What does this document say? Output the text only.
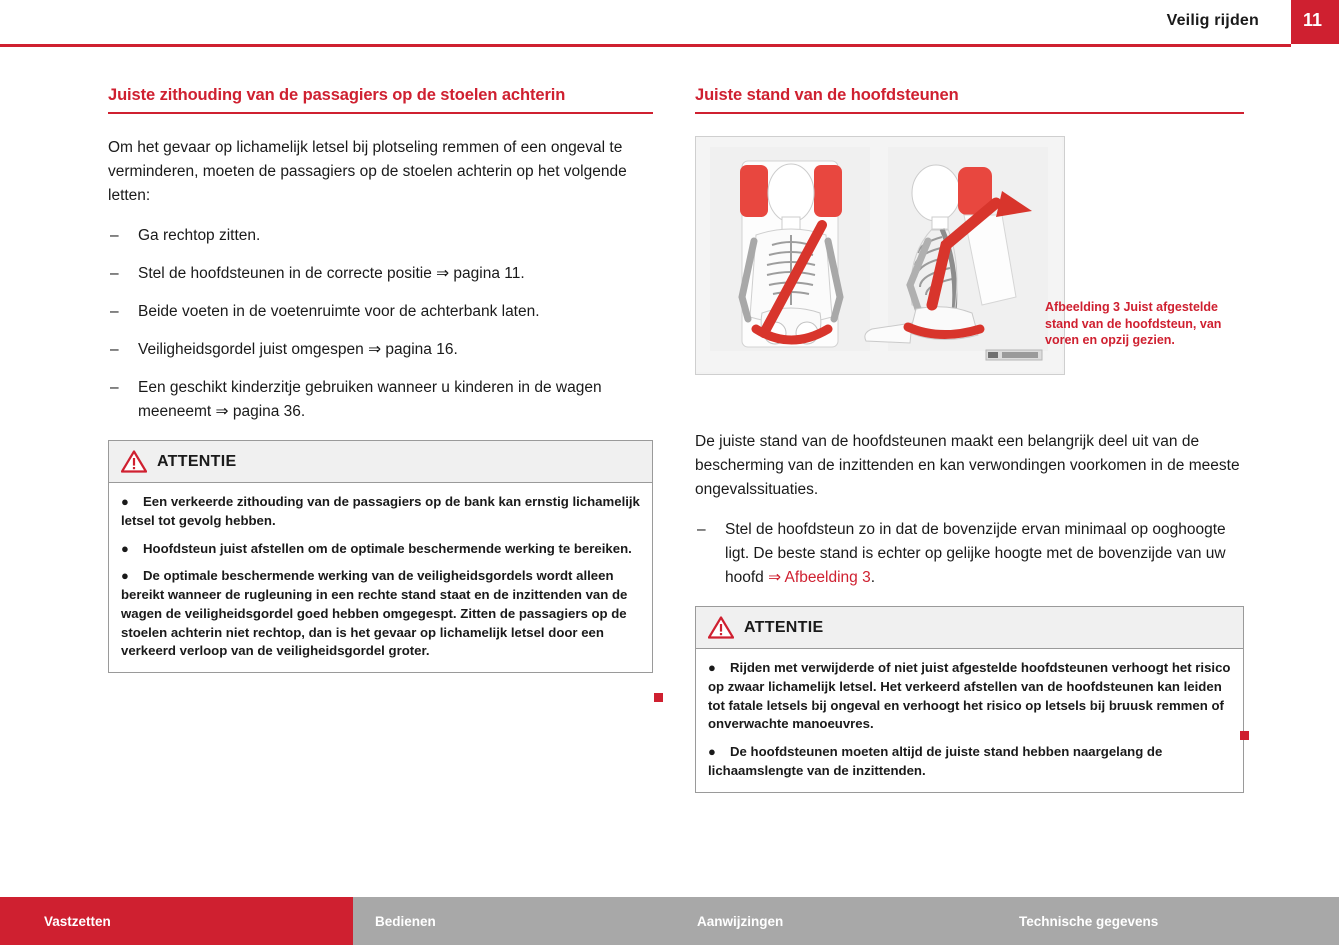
Veilig rijden 11
Juiste zithouding van de passagiers op de stoelen achterin

Om het gevaar op lichamelijk letsel bij plotseling remmen of een ongeval te verminderen, moeten de passagiers op de stoelen achterin op het volgende letten:

– Ga rechtop zitten.
– Stel de hoofdsteunen in de correcte positie ⇒ pagina 11.
– Beide voeten in de voetenruimte voor de achterbank laten.
– Veiligheidsgordel juist omgespen ⇒ pagina 16.
– Een geschikt kinderzitje gebruiken wanneer u kinderen in de wagen meeneemt ⇒ pagina 36.
ATTENTIE

● Een verkeerde zithouding van de passagiers op de bank kan ernstig lichamelijk letsel tot gevolg hebben.

● Hoofdsteun juist afstellen om de optimale beschermende werking te bereiken.

● De optimale beschermende werking van de veiligheidsgordels wordt alleen bereikt wanneer de rugleuning in een rechte stand staat en de inzittenden van de wagen de veiligheidsgordel goed hebben omgegespt. Zitten de passagiers op de stoelen achterin niet rechtop, dan is het gevaar op lichamelijk letsel door een verkeerd verloop van de veiligheidsgordel groter.

Juiste stand van de hoofdsteunen

De juiste stand van de hoofdsteunen maakt een belangrijk deel uit van de bescherming van de inzittenden en kan verwondingen voorkomen in de meeste ongevalssituaties.

– Stel de hoofdsteun zo in dat de bovenzijde ervan minimaal op ooghoogte ligt. De beste stand is echter op gelijke hoogte met de bovenzijde van uw hoofd ⇒ Afbeelding 3.
ATTENTIE

● Rijden met verwijderde of niet juist afgestelde hoofdsteunen verhoogt het risico op zwaar lichamelijk letsel. Het verkeerd afstellen van de hoofdsteunen kan leiden tot fatale letsels bij ongeval en verhoogt het risico op letsels bij bruusk remmen of onverwachte manoeuvres.

● De hoofdsteunen moeten altijd de juiste stand hebben naargelang de lichaamslengte van de inzittenden.

Afbeelding 3 Juist afgestelde stand van de hoofdsteun, van voren en opzij gezien.
Vastzetten	Bedienen	Aanwijzingen	Technische gegevens
